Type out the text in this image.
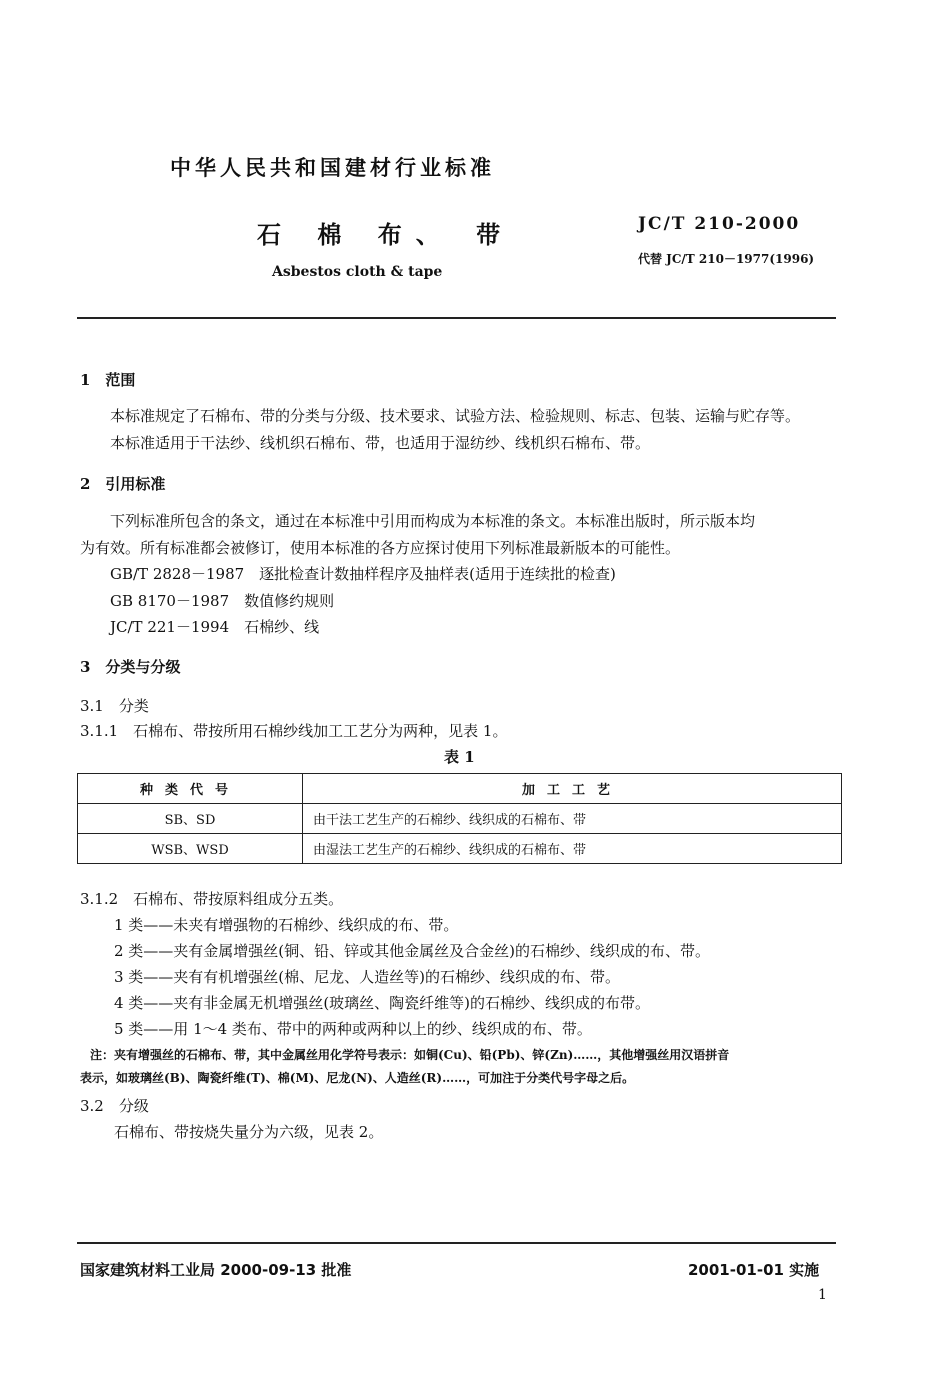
中华人民共和国建材行业标准
石 棉 布、 带
Asbestos cloth & tape
JC/T 210-2000
代替 JC/T 210－1977(1996)
1　范围
本标准规定了石棉布、带的分类与分级、技术要求、试验方法、检验规则、标志、包装、运输与贮存等。
本标准适用于干法纱、线机织石棉布、带，也适用于湿纺纱、线机织石棉布、带。
2　引用标准
下列标准所包含的条文，通过在本标准中引用而构成为本标准的条文。本标准出版时，所示版本均
为有效。所有标准都会被修订，使用本标准的各方应探讨使用下列标准最新版本的可能性。
GB/T 2828－1987　逐批检查计数抽样程序及抽样表(适用于连续批的检查)
GB 8170－1987　数值修约规则
JC/T 221－1994　石棉纱、线
3　分类与分级
3.1　分类
3.1.1　石棉布、带按所用石棉纱线加工工艺分为两种，见表 1。
表 1
种类代号	加工工艺
SB、SD	由干法工艺生产的石棉纱、线织成的石棉布、带
WSB、WSD	由湿法工艺生产的石棉纱、线织成的石棉布、带
3.1.2　石棉布、带按原料组成分五类。
1 类——未夹有增强物的石棉纱、线织成的布、带。
2 类——夹有金属增强丝(铜、铅、锌或其他金属丝及合金丝)的石棉纱、线织成的布、带。
3 类——夹有有机增强丝(棉、尼龙、人造丝等)的石棉纱、线织成的布、带。
4 类——夹有非金属无机增强丝(玻璃丝、陶瓷纤维等)的石棉纱、线织成的布带。
5 类——用 1～4 类布、带中的两种或两种以上的纱、线织成的布、带。
注：夹有增强丝的石棉布、带，其中金属丝用化学符号表示：如铜(Cu)、铅(Pb)、锌(Zn)……，其他增强丝用汉语拼音
表示，如玻璃丝(B)、陶瓷纤维(T)、棉(M)、尼龙(N)、人造丝(R)……，可加注于分类代号字母之后。
3.2　分级
石棉布、带按烧失量分为六级，见表 2。
国家建筑材料工业局 2000-09-13 批准	2001-01-01 实施
1
